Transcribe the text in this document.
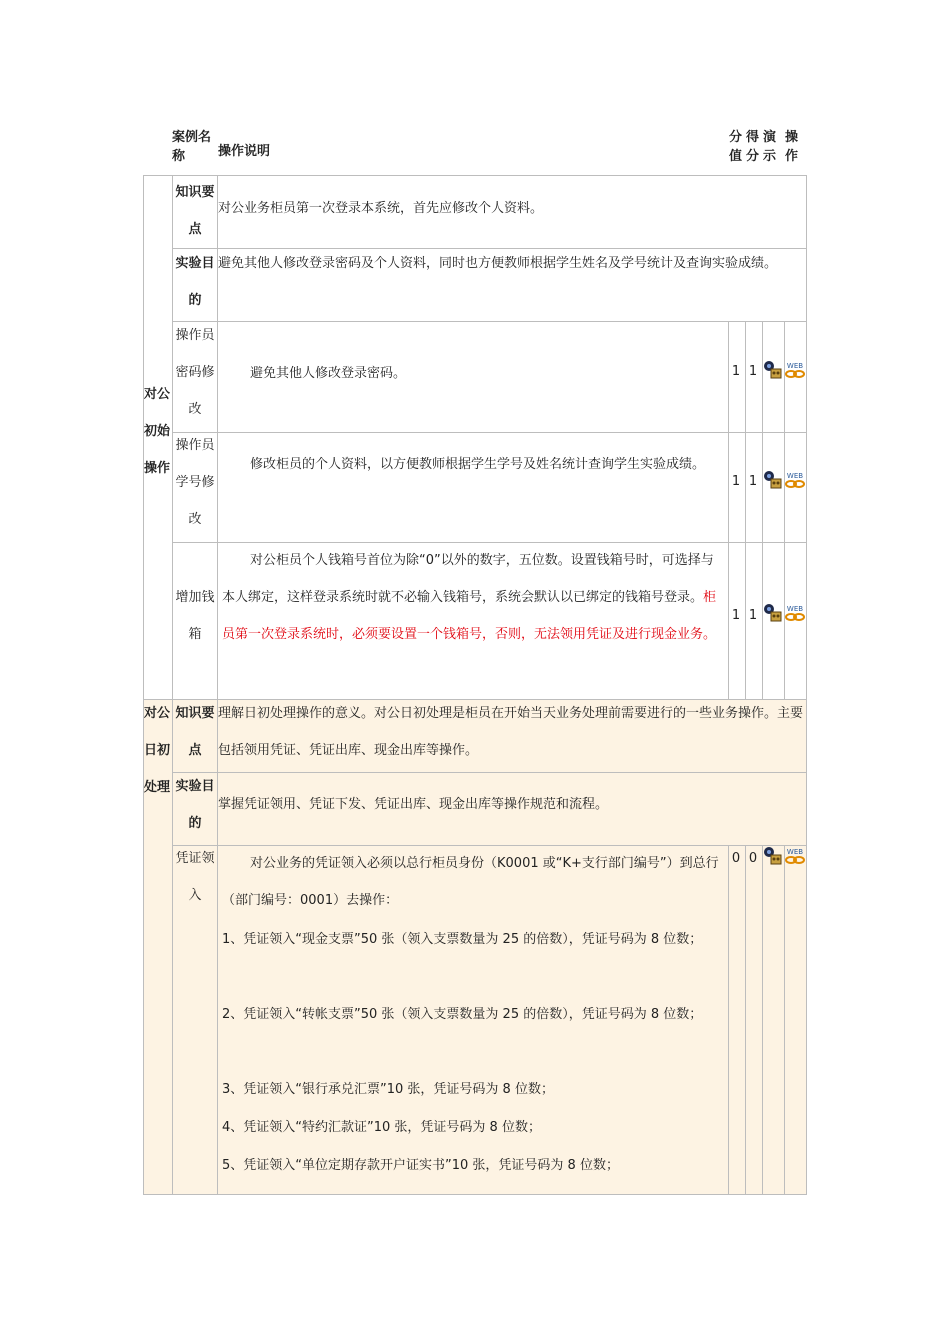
案例名称	操作说明
分值
得分
演示
操作
对公初始操作
知识要点
对公业务柜员第一次登录本系统，首先应修改个人资料。
实验目的
避免其他人修改登录密码及个人资料，同时也方便教师根据学生姓名及学号统计及查询实验成绩。
操作员密码修改
避免其他人修改登录密码。	1 1
操作员学号修改
修改柜员的个人资料，以方便教师根据学生学号及姓名统计查询学生实验成绩。
1 1
增加钱箱
对公柜员个人钱箱号首位为除“0”以外的数字，五位数。设置钱箱号时，可选择与本人绑定，这样登录系统时就不必输入钱箱号，系统会默认以已绑定的钱箱号登录。柜员第一次登录系统时，必须要设置一个钱箱号，否则，无法领用凭证及进行现金业务。
1 1
对公日初处理
知识要点
理解日初处理操作的意义。对公日初处理是柜员在开始当天业务处理前需要进行的一些业务操作。主要包括领用凭证、凭证出库、现金出库等操作。
实验目的
掌握凭证领用、凭证下发、凭证出库、现金出库等操作规范和流程。
凭证领入
对公业务的凭证领入必须以总行柜员身份（K0001 或“K+支行部门编号”）到总行（部门编号：0001）去操作：
1、凭证领入“现金支票”50 张（领入支票数量为 25 的倍数），凭证号码为 8 位数；
2、凭证领入“转帐支票”50 张（领入支票数量为 25 的倍数），凭证号码为 8 位数；
3、凭证领入“银行承兑汇票”10 张，凭证号码为 8 位数；
4、凭证领入“特约汇款证”10 张，凭证号码为 8 位数；
5、凭证领入“单位定期存款开户证实书”10 张，凭证号码为 8 位数；
0 0
WEB
WEB
WEB
WEB
